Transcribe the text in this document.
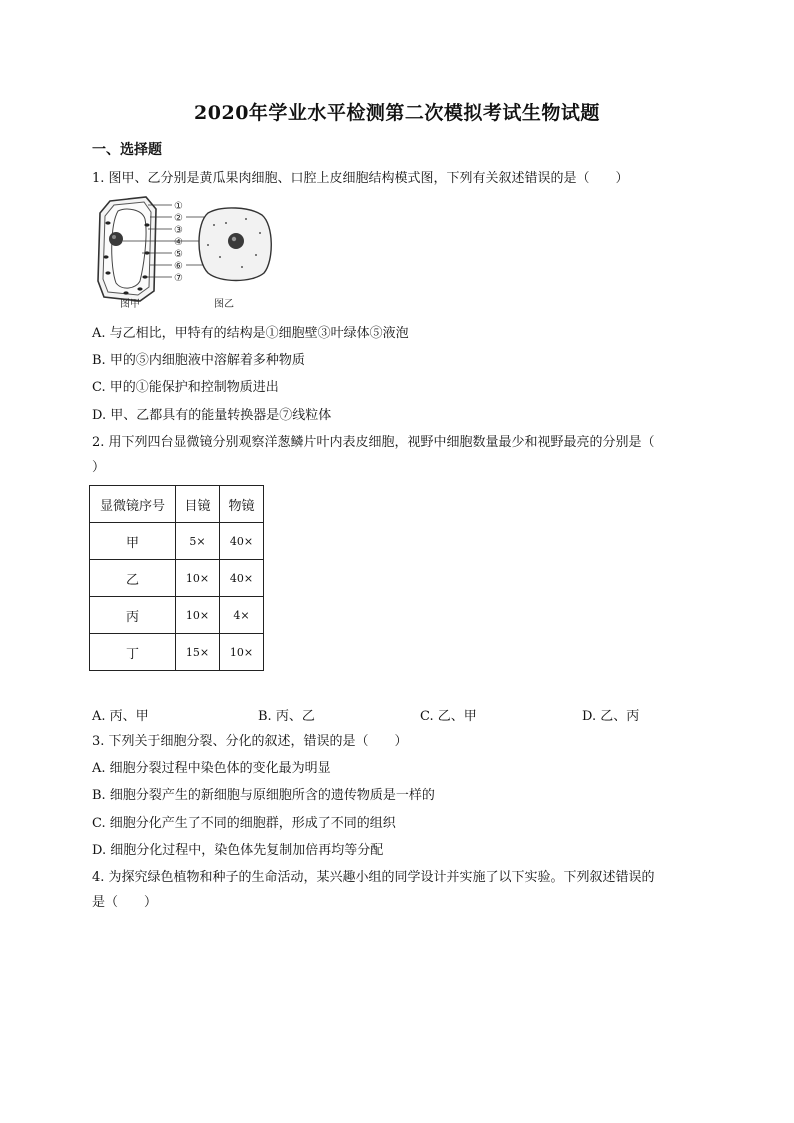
2020年学业水平检测第二次模拟考试生物试题
一、选择题
1. 图甲、乙分别是黄瓜果肉细胞、口腔上皮细胞结构模式图，下列有关叙述错误的是（　　）
①
②
③
④
⑤
⑥
⑦
图甲	图乙
A. 与乙相比，甲特有的结构是①细胞壁③叶绿体⑤液泡
B. 甲的⑤内细胞液中溶解着多种物质
C. 甲的①能保护和控制物质进出
D. 甲、乙都具有的能量转换器是⑦线粒体
2. 用下列四台显微镜分别观察洋葱鳞片叶内表皮细胞，视野中细胞数量最少和视野最亮的分别是（
）
显微镜序号	目镜	物镜
甲	5×	40×
乙	10×	40×
丙	10×	4×
丁	15×	10×
A. 丙、甲	B. 丙、乙	C. 乙、甲	D. 乙、丙
3. 下列关于细胞分裂、分化的叙述，错误的是（　　）
A. 细胞分裂过程中染色体的变化最为明显
B. 细胞分裂产生的新细胞与原细胞所含的遗传物质是一样的
C. 细胞分化产生了不同的细胞群，形成了不同的组织
D. 细胞分化过程中，染色体先复制加倍再均等分配
4. 为探究绿色植物和种子的生命活动，某兴趣小组的同学设计并实施了以下实验。下列叙述错误的
是（　　）
